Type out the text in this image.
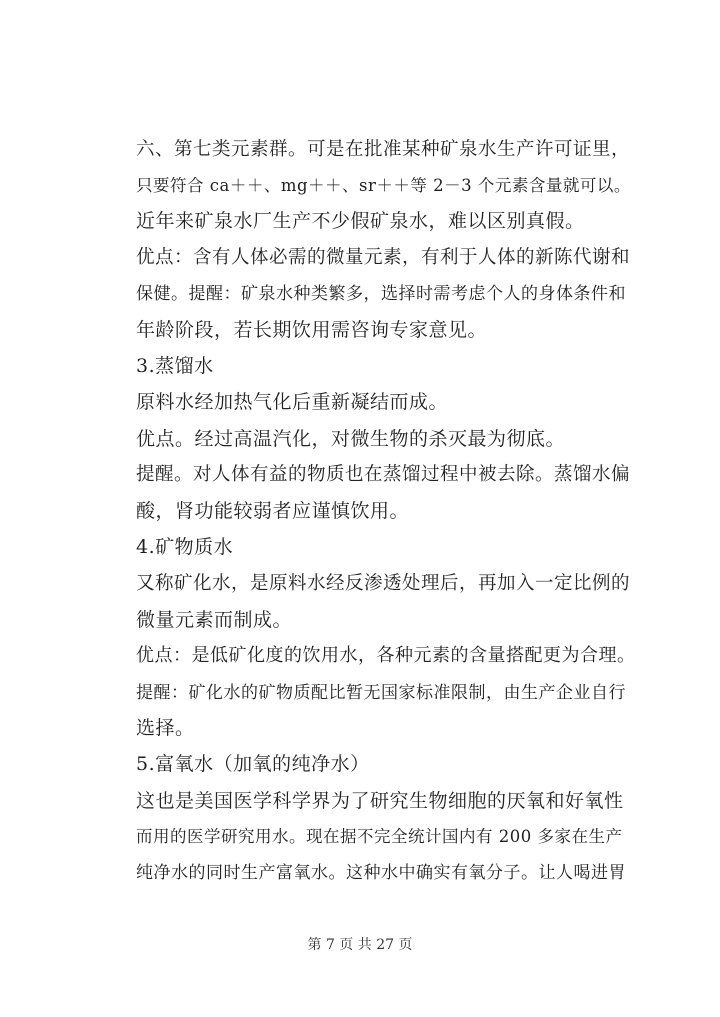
六、第七类元素群。可是在批准某种矿泉水生产许可证里，
只要符合 ca＋＋、mg＋＋、sr＋＋等 2－3 个元素含量就可以。
近年来矿泉水厂生产不少假矿泉水，难以区别真假。
优点：含有人体必需的微量元素，有利于人体的新陈代谢和
保健。提醒：矿泉水种类繁多，选择时需考虑个人的身体条件和
年龄阶段，若长期饮用需咨询专家意见。
3.蒸馏水
原料水经加热气化后重新凝结而成。
优点。经过高温汽化，对微生物的杀灭最为彻底。
提醒。对人体有益的物质也在蒸馏过程中被去除。蒸馏水偏
酸，肾功能较弱者应谨慎饮用。
4.矿物质水
又称矿化水，是原料水经反渗透处理后，再加入一定比例的
微量元素而制成。
优点：是低矿化度的饮用水，各种元素的含量搭配更为合理。
提醒：矿化水的矿物质配比暂无国家标准限制，由生产企业自行
选择。
5.富氧水（加氧的纯净水）
这也是美国医学科学界为了研究生物细胞的厌氧和好氧性
而用的医学研究用水。现在据不完全统计国内有 200 多家在生产
纯净水的同时生产富氧水。这种水中确实有氧分子。让人喝进胃
第 7 页 共 27 页
